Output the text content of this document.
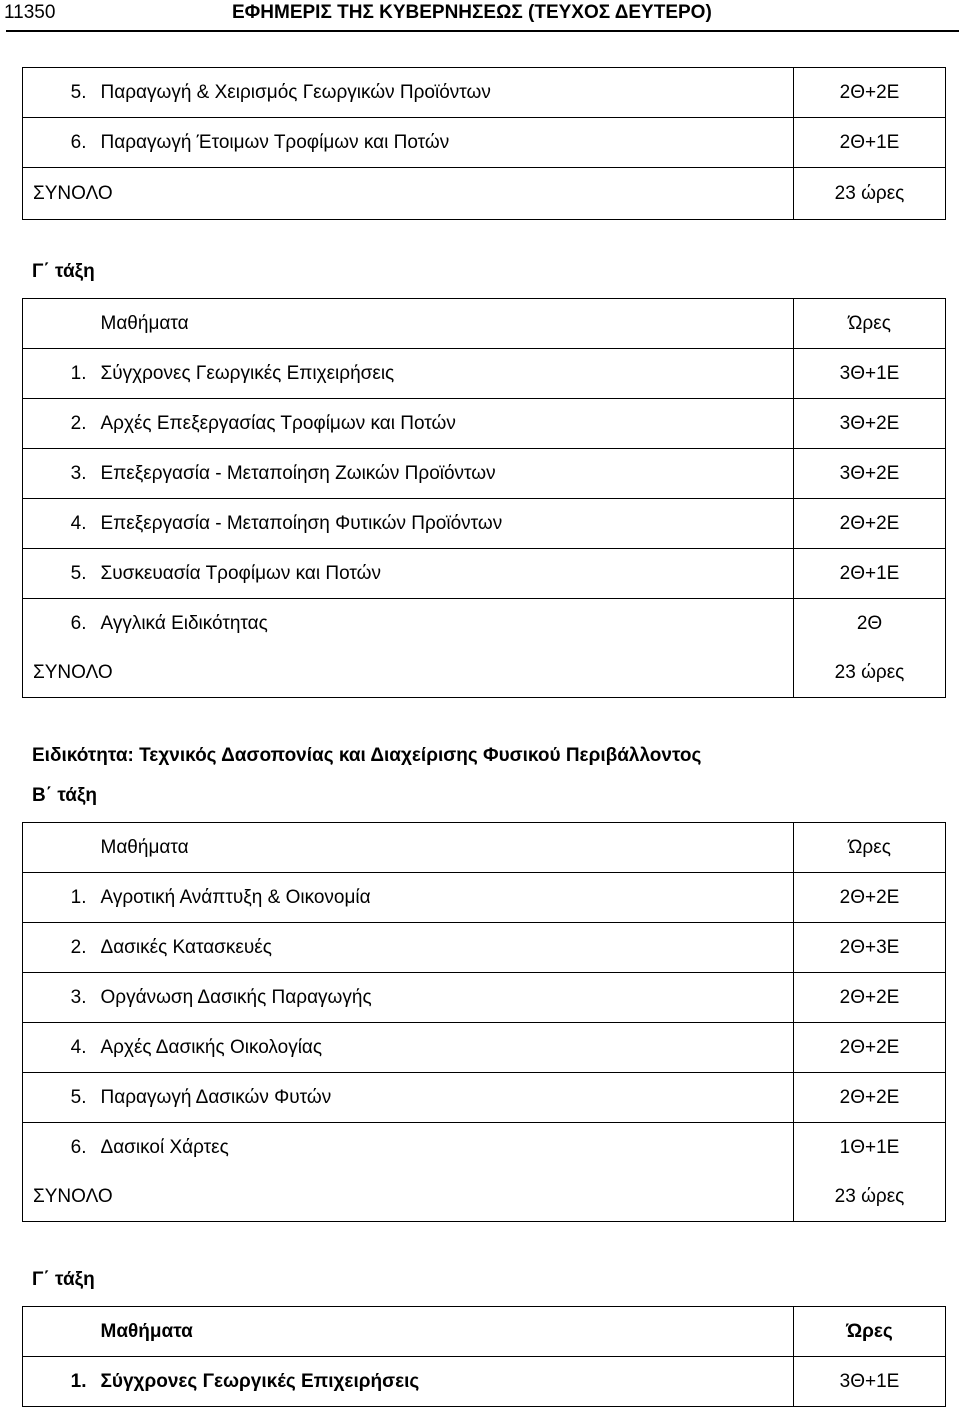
11350	ΕΦΗΜΕΡΙΣ ΤΗΣ ΚΥΒΕΡΝΗΣΕΩΣ (ΤΕΥΧΟΣ ΔΕΥΤΕΡΟ)
5.	Παραγωγή & Χειρισμός Γεωργικών Προϊόντων	2Θ+2Ε
6.	Παραγωγή Έτοιμων Τροφίμων και Ποτών	2Θ+1Ε
ΣΥΝΟΛΟ		23 ώρες
Γ΄ τάξη
	Μαθήματα	Ώρες
1.	Σύγχρονες Γεωργικές Επιχειρήσεις	3Θ+1Ε
2.	Αρχές Επεξεργασίας Τροφίμων και Ποτών	3Θ+2Ε
3.	Επεξεργασία - Μεταποίηση Ζωικών Προϊόντων	3Θ+2Ε
4.	Επεξεργασία - Μεταποίηση Φυτικών Προϊόντων	2Θ+2Ε
5.	Συσκευασία Τροφίμων και Ποτών	2Θ+1Ε
6.	Αγγλικά Ειδικότητας	2Θ
ΣΥΝΟΛΟ		23 ώρες
Ειδικότητα: Τεχνικός Δασοπονίας και Διαχείρισης Φυσικού Περιβάλλοντος
Β΄ τάξη
	Μαθήματα	Ώρες
1.	Αγροτική Ανάπτυξη & Οικονομία	2Θ+2Ε
2.	Δασικές Κατασκευές	2Θ+3Ε
3.	Οργάνωση Δασικής Παραγωγής	2Θ+2Ε
4.	Αρχές Δασικής Οικολογίας	2Θ+2Ε
5.	Παραγωγή Δασικών Φυτών	2Θ+2Ε
6.	Δασικοί Χάρτες	1Θ+1Ε
ΣΥΝΟΛΟ		23 ώρες
Γ΄ τάξη
	Μαθήματα	Ώρες
1.	Σύγχρονες Γεωργικές Επιχειρήσεις	3Θ+1Ε
